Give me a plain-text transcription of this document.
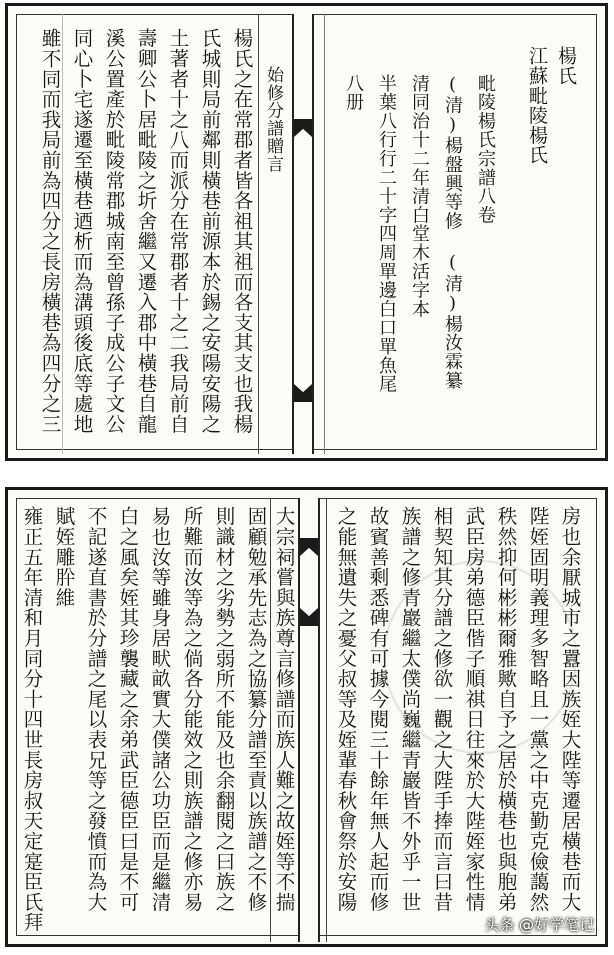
雖不同而我局前為四分之長房橫巷為四分之三 同心卜宅遂遷至橫巷迺析而為溝頭後底等處地 溪公置產於毗陵常郡城南至曾孫子成公子文公 壽卿公卜居毗陵之圻舍繼又遷入郡中橫巷自龍 土著者十之八而派分在常郡者十之二我局前自 氏城則局前鄰則橫巷前源本於錫之安陽安陽之 楊氏之在常郡者皆各祖其祖而各支其支也我楊 始修分譜贈言	八册 半葉八行行二十字四周單邊白口單魚尾 清同治十二年清白堂木活字本 (清)楊盤興等修 (清)楊汝霖纂 毗陵楊氏宗譜八卷 江蘇毗陵楊氏 楊氏
雍正五年清和月同分十四世長房叔天定寔臣氏拜 賦姪雕肸維 不記遂直書於分譜之尾以表兄等之發憤而為大 白之風矣姪其珍襲藏之余弟武臣德臣曰是不可 易也汝等雖身居畎畝實大僕諸公功臣而是繼清 所難而汝等為之倘各分能效之則族譜之修亦易 則識材之劣勢之弱所不能及也余翻閱之曰族之 固顧勉承先志為之協纂分譜至責以族譜之不修 大宗祠嘗與族尊言修譜而族人難之故姪等不揣 之能無遺失之憂父叔等及姪輩春秋會祭於安陽 故賓善剩悉碑有可據今閱三十餘年無人起而修 族譜之修青巖繼太僕尚巍繼青巖皆不外乎一世 相契知其分譜之修欲一觀之大陛手捧而言曰昔 武臣房弟德臣偕子順祺日往來於大陛姪家性情 秩然抑何彬彬爾雅歟自予之居於橫巷也與胞弟 陛姪固明義理多智略且一黨之中克勤克儉藹然 房也余厭城市之囂因族姪大陛等遷居橫巷而大
头条 @好学笔记
